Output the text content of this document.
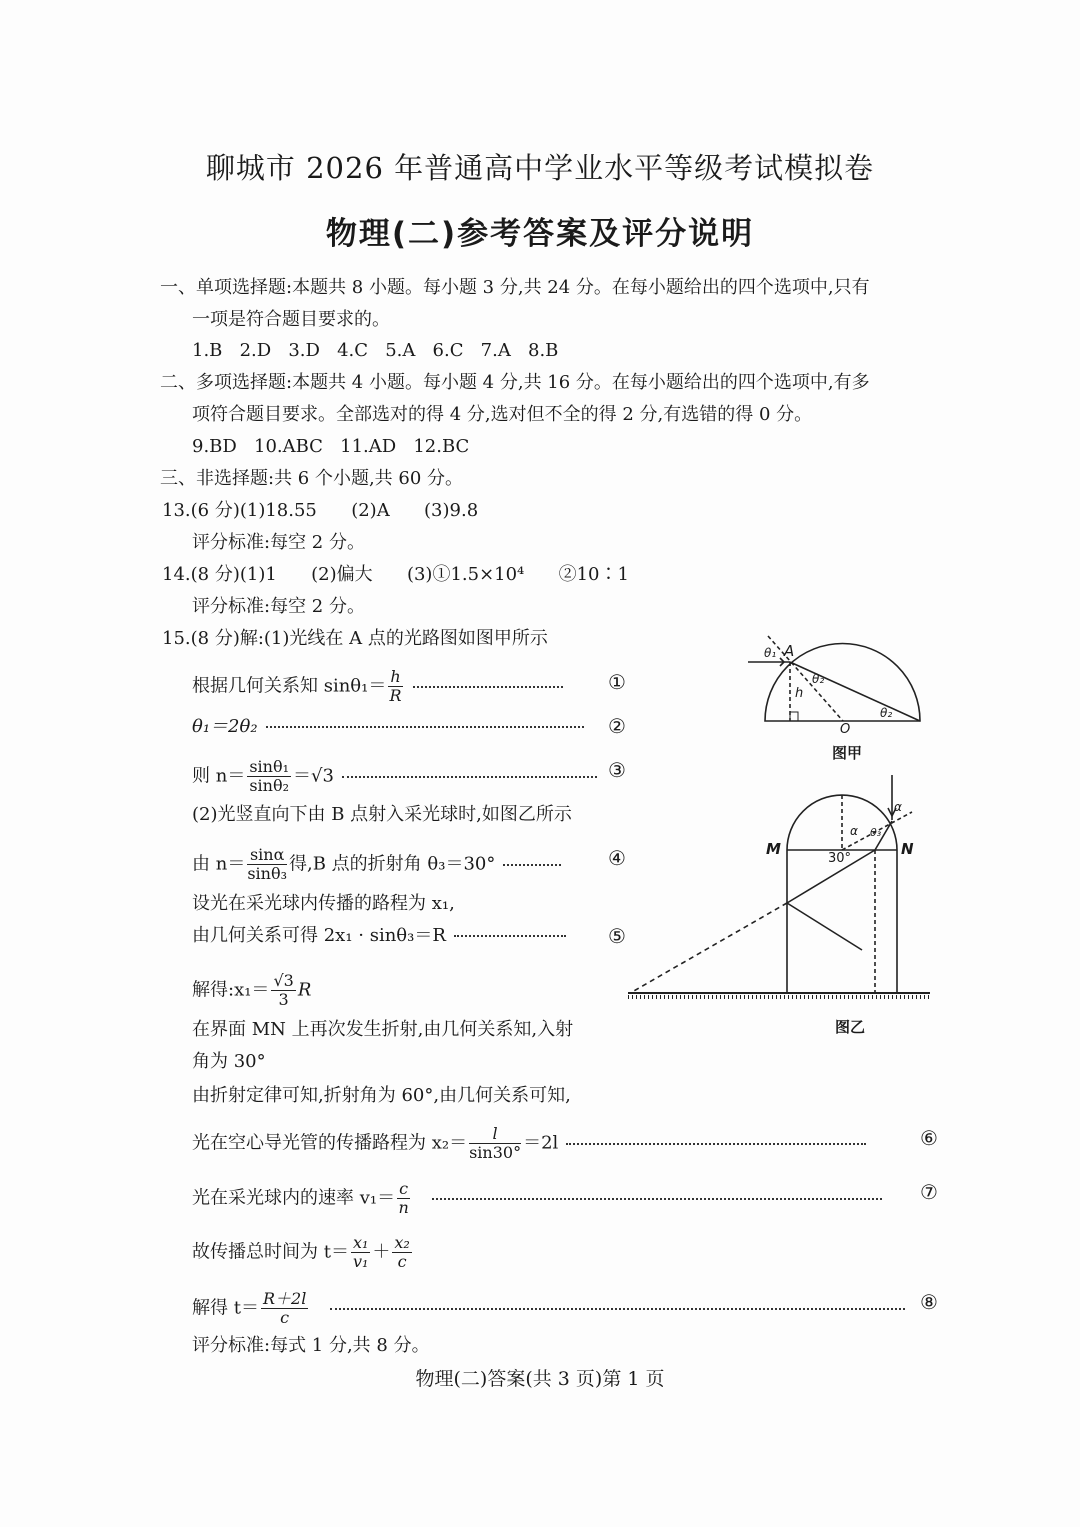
聊城市 2026 年普通高中学业水平等级考试模拟卷
物理(二)参考答案及评分说明
一、单项选择题:本题共 8 小题。每小题 3 分,共 24 分。在每小题给出的四个选项中,只有
一项是符合题目要求的。
1.B   2.D   3.D   4.C   5.A   6.C   7.A   8.B
二、多项选择题:本题共 4 小题。每小题 4 分,共 16 分。在每小题给出的四个选项中,有多
项符合题目要求。全部选对的得 4 分,选对但不全的得 2 分,有选错的得 0 分。
9.BD   10.ABC   11.AD   12.BC
三、非选择题:共 6 个小题,共 60 分。
13.(6 分)(1)18.55      (2)A      (3)9.8
评分标准:每空 2 分。
14.(8 分)(1)1      (2)偏大      (3)①1.5×10⁴      ②10∶1
评分标准:每空 2 分。
15.(8 分)解:(1)光线在 A 点的光路图如图甲所示
根据几何关系知 $\sin\theta_1= \frac{h}{R}$	①
θ₁＝2θ₂	②
则 $n= \frac{\text{sinθ₁}}{\text{sinθ₂}} =√3$	③
(2)光竖直向下由 B 点射入采光球时,如图乙所示
由 $n= \frac{\sin\alpha}{\text{sinθ₃}}$ 得,B 点的折射角 θ₃＝30°	④
设光在采光球内传播的路程为 x₁,
由几何关系可得 2x₁ · sinθ₃＝R	⑤
解得:x₁＝ $\frac{√3}{3}$ R
在界面 MN 上再次发生折射,由几何关系知,入射
角为 30°
由折射定律可知,折射角为 60°,由几何关系可知,
光在空心导光管的传播路程为 $x_2= \frac{l}{\sin 30^\circ} =2l$	⑥
光在采光球内的速率 $v_1= \frac{c}{n}$	⑦
故传播总时间为 $t= \frac{\text{x₁}}{\text{v₁}} + \frac{\text{x₂}}{c}$
解得 $t= \frac{R+2l}{c}$	⑧
评分标准:每式 1 分,共 8 分。
A
θ₁
θ₂
θ₂
h
O
图甲
M	N
α
α
θ₃
30°
图乙
物理(二)答案(共 3 页)第 1 页
